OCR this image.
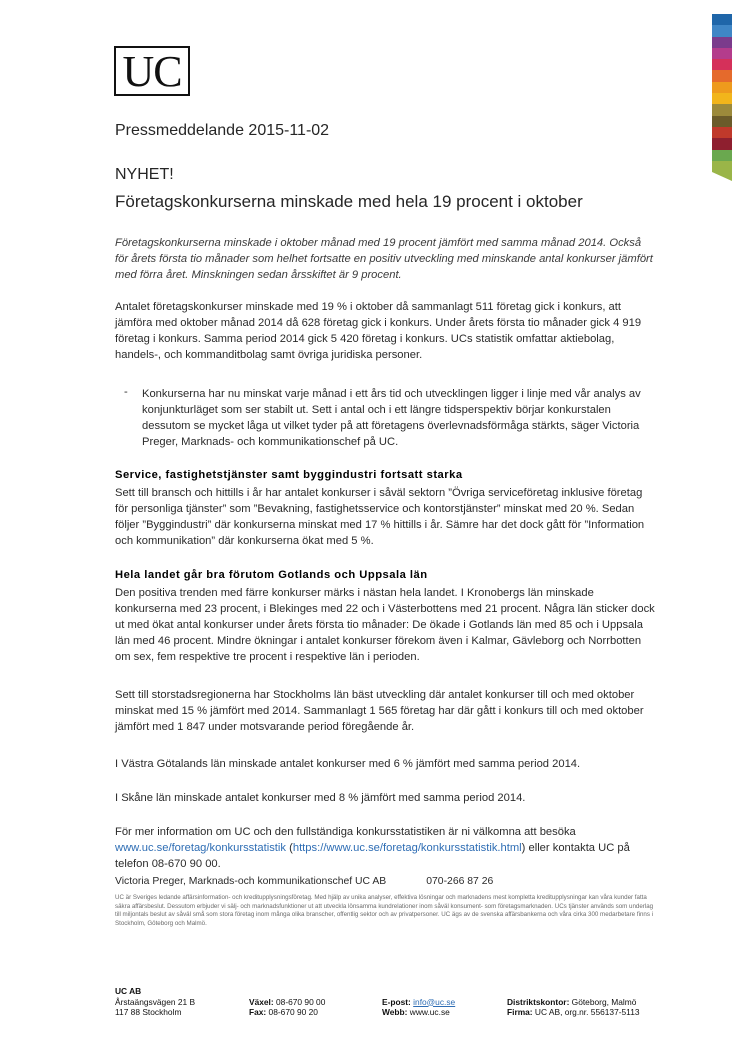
UC
Pressmeddelande 2015-11-02
NYHET!
Företagskonkurserna minskade med hela 19 procent i oktober
Företagskonkurserna minskade i oktober månad med 19 procent jämfört med samma månad 2014. Också för årets första tio månader som helhet fortsatte en positiv utveckling med minskande antal konkurser jämfört med förra året. Minskningen sedan årsskiftet är 9 procent.
Antalet företagskonkurser minskade med 19 % i oktober då sammanlagt 511 företag gick i konkurs, att jämföra med oktober månad 2014 då 628 företag gick i konkurs. Under årets första tio månader gick 4 919 företag i konkurs. Samma period 2014 gick 5 420 företag i konkurs. UCs statistik omfattar aktiebolag, handels-, och kommanditbolag samt övriga juridiska personer.
- Konkurserna har nu minskat varje månad i ett års tid och utvecklingen ligger i linje med vår analys av konjunkturläget som ser stabilt ut. Sett i antal och i ett längre tidsperspektiv börjar konkurstalen dessutom se mycket låga ut vilket tyder på att företagens överlevnadsförmåga stärkts, säger Victoria Preger, Marknads- och kommunikationschef på UC.
Service, fastighetstjänster samt byggindustri fortsatt starka
Sett till bransch och hittills i år har antalet konkurser i såväl sektorn ”Övriga serviceföretag inklusive företag för personliga tjänster” som ”Bevakning, fastighetsservice och kontorstjänster” minskat med 20 %. Sedan följer ”Byggindustri” där konkurserna minskat med 17 % hittills i år. Sämre har det dock gått för ”Information och kommunikation” där konkurserna ökat med 5 %.
Hela landet går bra förutom Gotlands och Uppsala län
Den positiva trenden med färre konkurser märks i nästan hela landet. I Kronobergs län minskade konkurserna med 23 procent, i Blekinges med 22 och i Västerbottens med 21 procent. Några län sticker dock ut med ökat antal konkurser under årets första tio månader: De ökade i Gotlands län med 85 och i Uppsala län med 46 procent. Mindre ökningar i antalet konkurser förekom även i Kalmar, Gävleborg och Norrbotten om sex, fem respektive tre procent i respektive län i perioden.
Sett till storstadsregionerna har Stockholms län bäst utveckling där antalet konkurser till och med oktober minskat med 15 % jämfört med 2014. Sammanlagt 1 565 företag har där gått i konkurs till och med oktober jämfört med 1 847 under motsvarande period föregående år.
I Västra Götalands län minskade antalet konkurser med 6 % jämfört med samma period 2014.
I Skåne län minskade antalet konkurser med 8 % jämfört med samma period 2014.
För mer information om UC och den fullständiga konkursstatistiken är ni välkomna att besöka
www.uc.se/foretag/konkursstatistik (https://www.uc.se/foretag/konkursstatistik.html) eller kontakta UC på telefon 08-670 90 00.
Victoria Preger, Marknads-och kommunikationschef UC AB	070-266 87 26
UC är Sveriges ledande affärsinformation- och kreditupplysningsföretag. Med hjälp av unika analyser, effektiva lösningar och marknadens mest kompletta kreditupplysningar kan våra kunder fatta säkra affärsbeslut. Dessutom erbjuder vi sälj- och marknadsfunktioner ut att utveckla lönsamma kundrelationer inom såväl konsument- som företagsmarknaden. UCs tjänster används som underlag till miljontals beslut av såväl små som stora företag inom många olika branscher, offentlig sektor och av privatpersoner. UC ägs av de svenska affärsbankerna och våra cirka 300 medarbetare finns i Stockholm, Göteborg och Malmö.
UC AB
Årstaängsvägen 21 B
117 88 Stockholm
Växel: 08-670 90 00
Fax: 08-670 90 20
E-post: info@uc.se
Webb: www.uc.se
Distriktskontor: Göteborg, Malmö
Firma: UC AB, org.nr. 556137-5113
